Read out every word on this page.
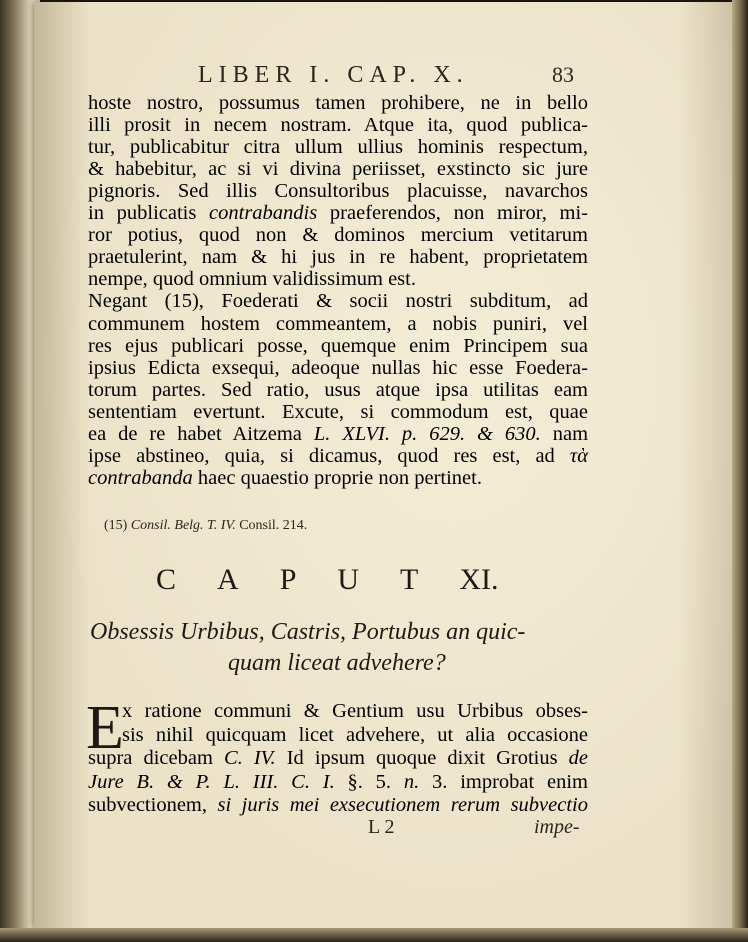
LIBER I. CAP. X.	83
hoste nostro, possumus tamen prohibere, ne in bello
illi prosit in necem nostram. Atque ita, quod publica-
tur, publicabitur citra ullum ullius hominis respectum,
& habebitur, ac si vi divina periisset, exstincto sic jure
pignoris. Sed illis Consultoribus placuisse, navarchos
in publicatis contrabandis praeferendos, non miror, mi-
ror potius, quod non & dominos mercium vetitarum
praetulerint, nam & hi jus in re habent, proprietatem
nempe, quod omnium validissimum est.
Negant (15), Foederati & socii nostri subditum, ad
communem hostem commeantem, a nobis puniri, vel
res ejus publicari posse, quemque enim Principem sua
ipsius Edicta exsequi, adeoque nullas hic esse Foedera-
torum partes. Sed ratio, usus atque ipsa utilitas eam
sententiam evertunt. Excute, si commodum est, quae
ea de re habet Aitzema L. XLVI. p. 629. & 630. nam
ipse abstineo, quia, si dicamus, quod res est, ad τὰ
contrabanda haec quaestio proprie non pertinet.
(15) Consil. Belg. T. IV. Consil. 214.
C A P U T XI.
Obsessis Urbibus, Castris, Portubus an quic-
quam liceat advehere?
E
x ratione communi & Gentium usu Urbibus obses-
sis nihil quicquam licet advehere, ut alia occasione
supra dicebam C. IV. Id ipsum quoque dixit Grotius de
Jure B. & P. L. III. C. I. §. 5. n. 3. improbat enim
subvectionem, si juris mei exsecutionem rerum subvectio
L 2	impe-
